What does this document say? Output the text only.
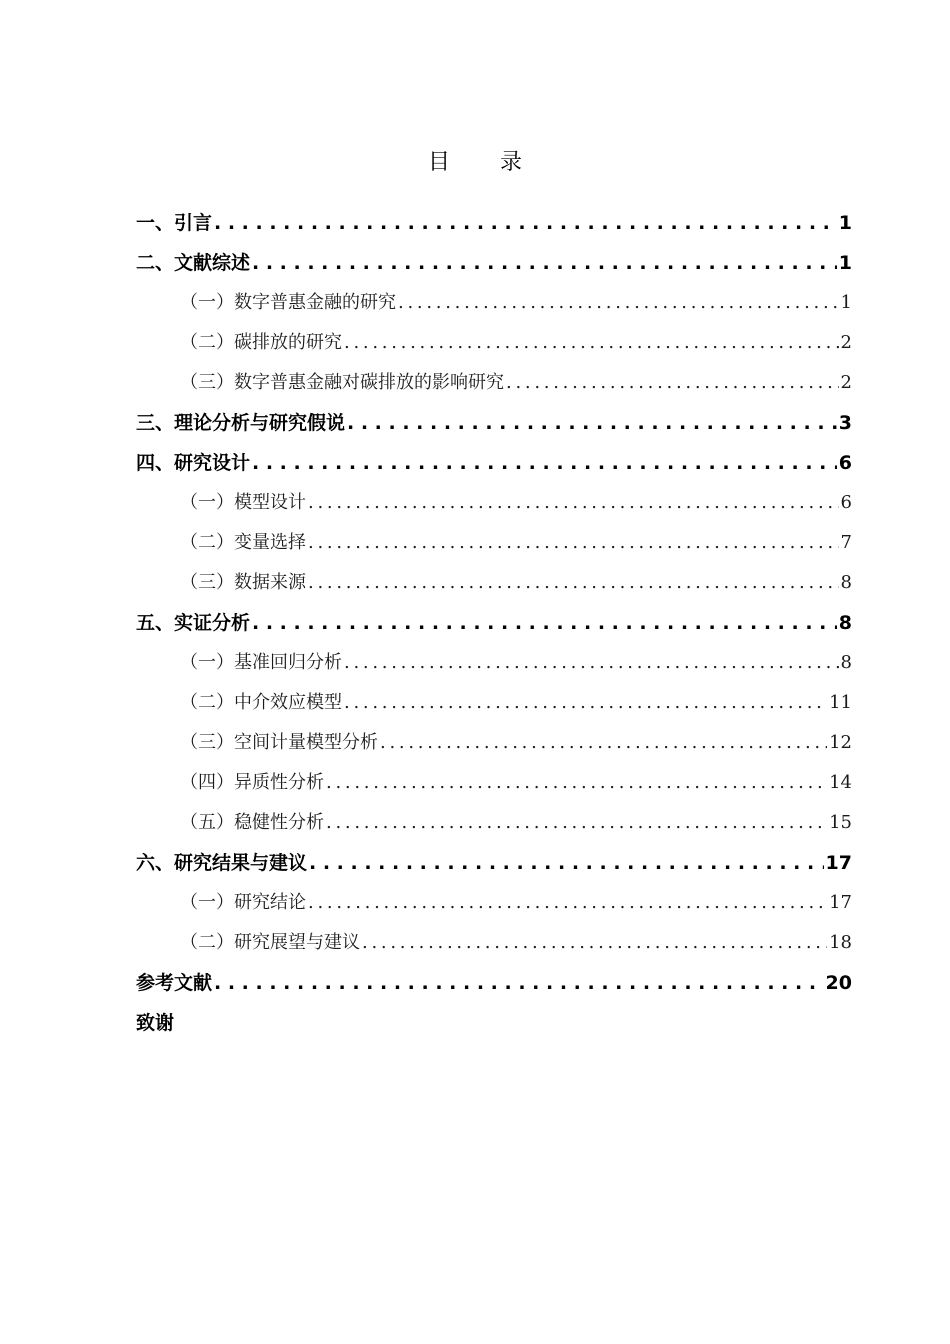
目 录
一、引言 . . .	1
二、文献综述 . . .	1
（一）数字普惠金融的研究 . . .	1
（二）碳排放的研究 . . .	2
（三）数字普惠金融对碳排放的影响研究 . . .	2
三、理论分析与研究假说 . . .	3
四、研究设计 . . .	6
（一）模型设计 . . .	6
（二）变量选择 . . .	7
（三）数据来源 . . .	8
五、实证分析 . . .	8
（一）基准回归分析 . . .	8
（二）中介效应模型 . . .	11
（三）空间计量模型分析 . . .	12
（四）异质性分析 . . .	14
（五）稳健性分析 . . .	15
六、研究结果与建议 . . .	17
（一）研究结论 . . .	17
（二）研究展望与建议 . . .	18
参考文献 . . .	20
致谢
